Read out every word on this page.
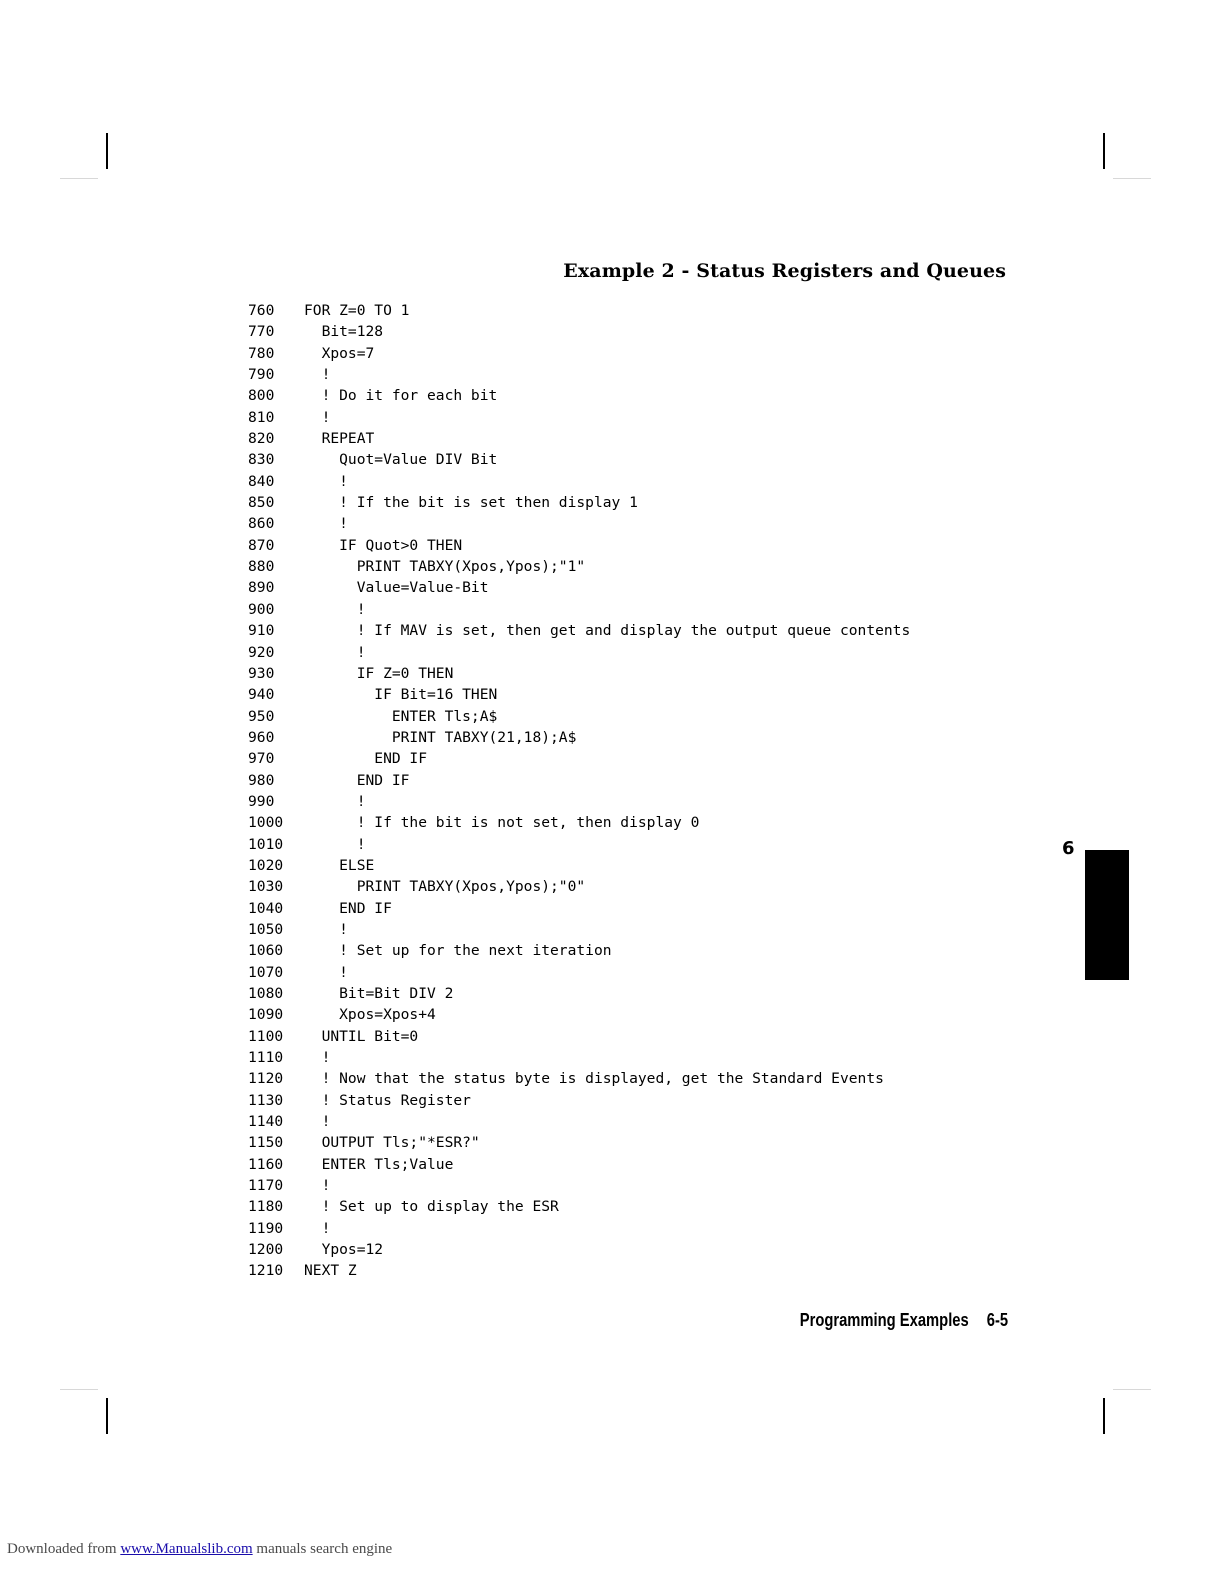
Example 2 - Status Registers and Queues
760 FOR Z=0 TO 1
770  Bit=128
780  Xpos=7
790  !
800  ! Do it for each bit
810  !
820  REPEAT
830    Quot=Value DIV Bit
840    !
850    ! If the bit is set then display 1
860    !
870    IF Quot>0 THEN
880      PRINT TABXY(Xpos,Ypos);"1"
890      Value=Value-Bit
900      !
910      ! If MAV is set, then get and display the output queue contents
920      !
930      IF Z=0 THEN
940        IF Bit=16 THEN
950          ENTER Tls;A$
960          PRINT TABXY(21,18);A$
970        END IF
980      END IF
990      !
1000      ! If the bit is not set, then display 0
1010      !
1020    ELSE
1030      PRINT TABXY(Xpos,Ypos);"0"
1040    END IF
1050    !
1060    ! Set up for the next iteration
1070    !
1080    Bit=Bit DIV 2
1090    Xpos=Xpos+4
1100  UNTIL Bit=0
1110  !
1120  ! Now that the status byte is displayed, get the Standard Events
1130  ! Status Register
1140  !
1150  OUTPUT Tls;"*ESR?"
1160  ENTER Tls;Value
1170  !
1180  ! Set up to display the ESR
1190  !
1200  Ypos=12
1210 NEXT Z
6
Programming Examples 6-5
Downloaded from www.Manualslib.com manuals search engine
